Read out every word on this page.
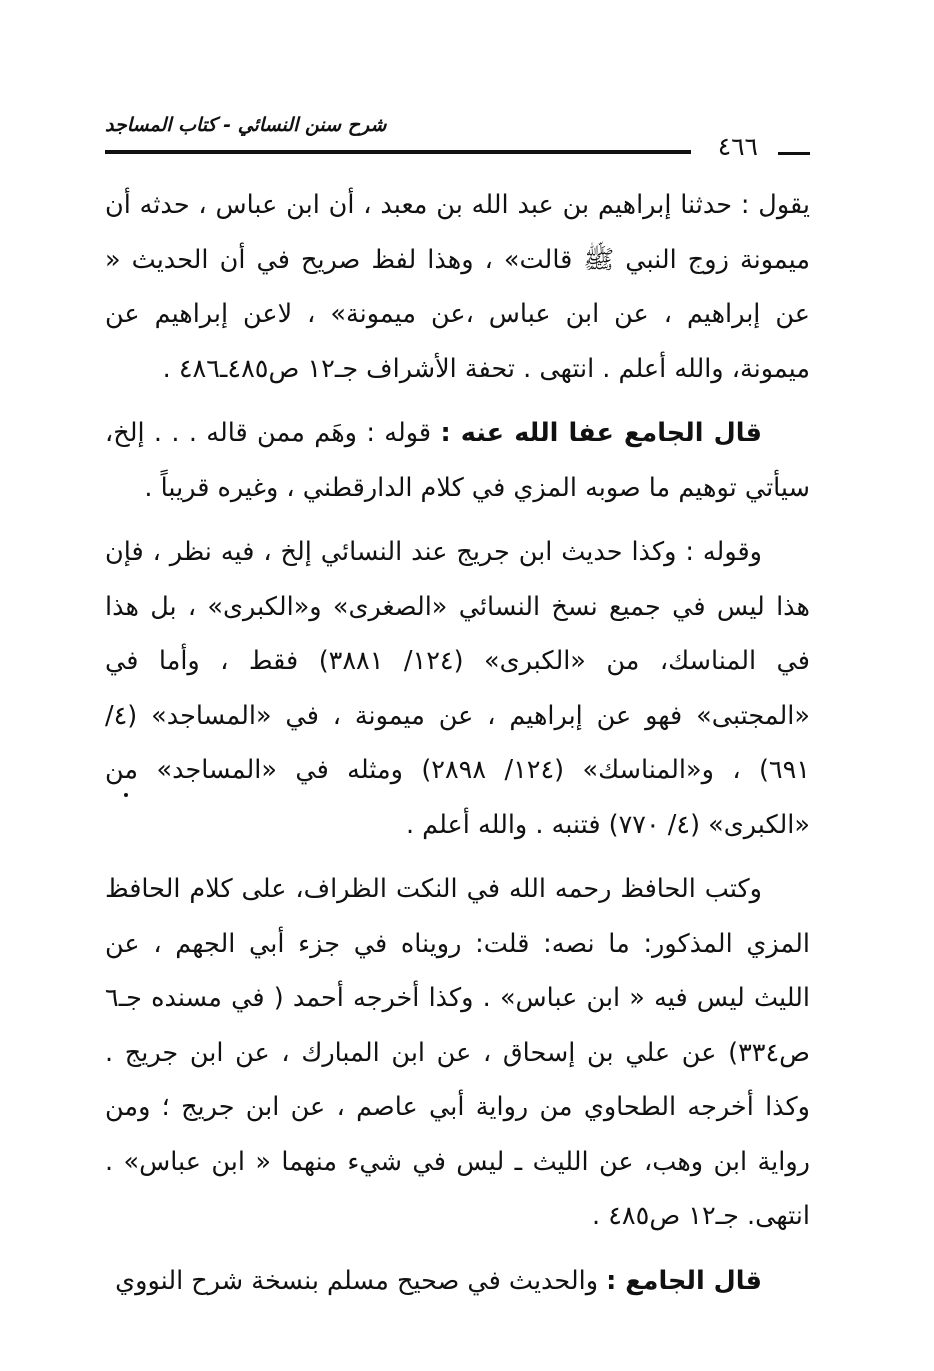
شرح سنن النسائي - كتاب المساجد
٤٦٦

يقول : حدثنا إبراهيم بن عبد الله بن معبد ، أن ابن عباس ، حدثه أن ميمونة زوج النبي ﷺ قالت» ، وهذا لفظ صريح في أن الحديث « عن إبراهيم ، عن ابن عباس ،عن ميمونة» ، لاعن إبراهيم عن ميمونة، والله أعلم . انتهى . تحفة الأشراف جـ١٢ ص٤٨٥ـ٤٨٦ .

قال الجامع عفا الله عنه : قوله : وهَم ممن قاله . . . إلخ، سيأتي توهيم ما صوبه المزي في كلام الدارقطني ، وغيره قريباً .

وقوله : وكذا حديث ابن جريج عند النسائي إلخ ، فيه نظر ، فإن هذا ليس في جميع نسخ النسائي «الصغرى» و«الكبرى» ، بل هذا في المناسك، من «الكبرى» (١٢٤/ ٣٨٨١) فقط ، وأما في «المجتبى» فهو عن إبراهيم ، عن ميمونة ، في «المساجد» (٤/ ٦٩١) ، و«المناسك» (١٢٤/ ٢٨٩٨) ومثله في «المساجد» من «الكبرى» (٤/ ٧٧٠) فتنبه . والله أعلم .

وكتب الحافظ رحمه الله في النكت الظراف، على كلام الحافظ المزي المذكور: ما نصه: قلت: رويناه في جزء أبي الجهم ، عن الليث ليس فيه « ابن عباس» . وكذا أخرجه أحمد ( في مسنده جـ٦ ص٣٣٤) عن علي بن إسحاق ، عن ابن المبارك ، عن ابن جريج . وكذا أخرجه الطحاوي من رواية أبي عاصم ، عن ابن جريج ؛ ومن رواية ابن وهب، عن الليث ـ ليس في شيء منهما « ابن عباس» . انتهى. جـ١٢ ص٤٨٥ .

قال الجامع : والحديث في صحيح مسلم بنسخة شرح النووي
